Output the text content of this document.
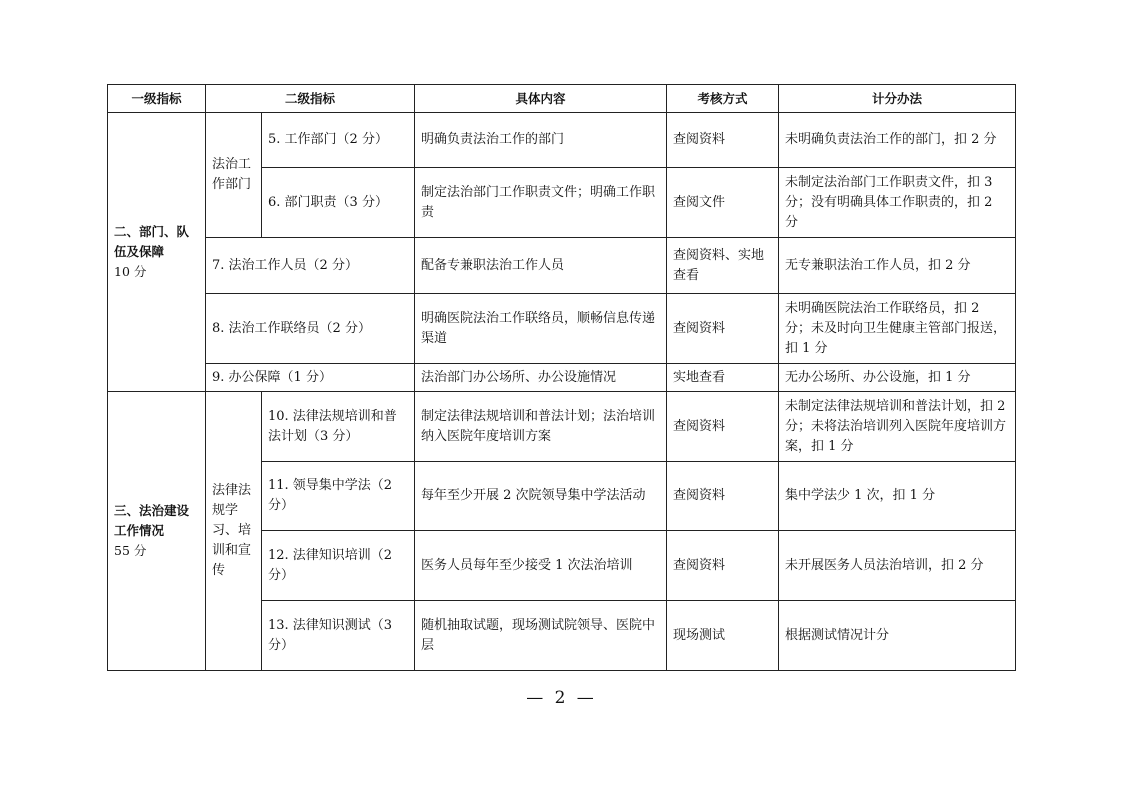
一级指标	二级指标		具体内容	考核方式	计分办法

二、部门、队伍及保障
10 分	法治工作部门	5. 工作部门（2 分）	明确负责法治工作的部门	查阅资料	未明确负责法治工作的部门，扣 2 分
		6. 部门职责（3 分）	制定法治部门工作职责文件；明确工作职责	查阅文件	未制定法治部门工作职责文件，扣 3 分；没有明确具体工作职责的，扣 2 分
	7. 法治工作人员（2 分）		配备专兼职法治工作人员	查阅资料、实地查看	无专兼职法治工作人员，扣 2 分
	8. 法治工作联络员（2 分）		明确医院法治工作联络员，顺畅信息传递渠道	查阅资料	未明确医院法治工作联络员，扣 2 分；未及时向卫生健康主管部门报送，扣 1 分
	9. 办公保障（1 分）		法治部门办公场所、办公设施情况	实地查看	无办公场所、办公设施，扣 1 分

三、法治建设工作情况
55 分	法律法规学习、培训和宣传	10. 法律法规培训和普法计划（3 分）	制定法律法规培训和普法计划；法治培训纳入医院年度培训方案	查阅资料	未制定法律法规培训和普法计划，扣 2 分；未将法治培训列入医院年度培训方案，扣 1 分
		11. 领导集中学法（2 分）	每年至少开展 2 次院领导集中学法活动	查阅资料	集中学法少 1 次，扣 1 分
		12. 法律知识培训（2 分）	医务人员每年至少接受 1 次法治培训	查阅资料	未开展医务人员法治培训，扣 2 分
		13. 法律知识测试（3 分）	随机抽取试题，现场测试院领导、医院中层	现场测试	根据测试情况计分
— 2 —
